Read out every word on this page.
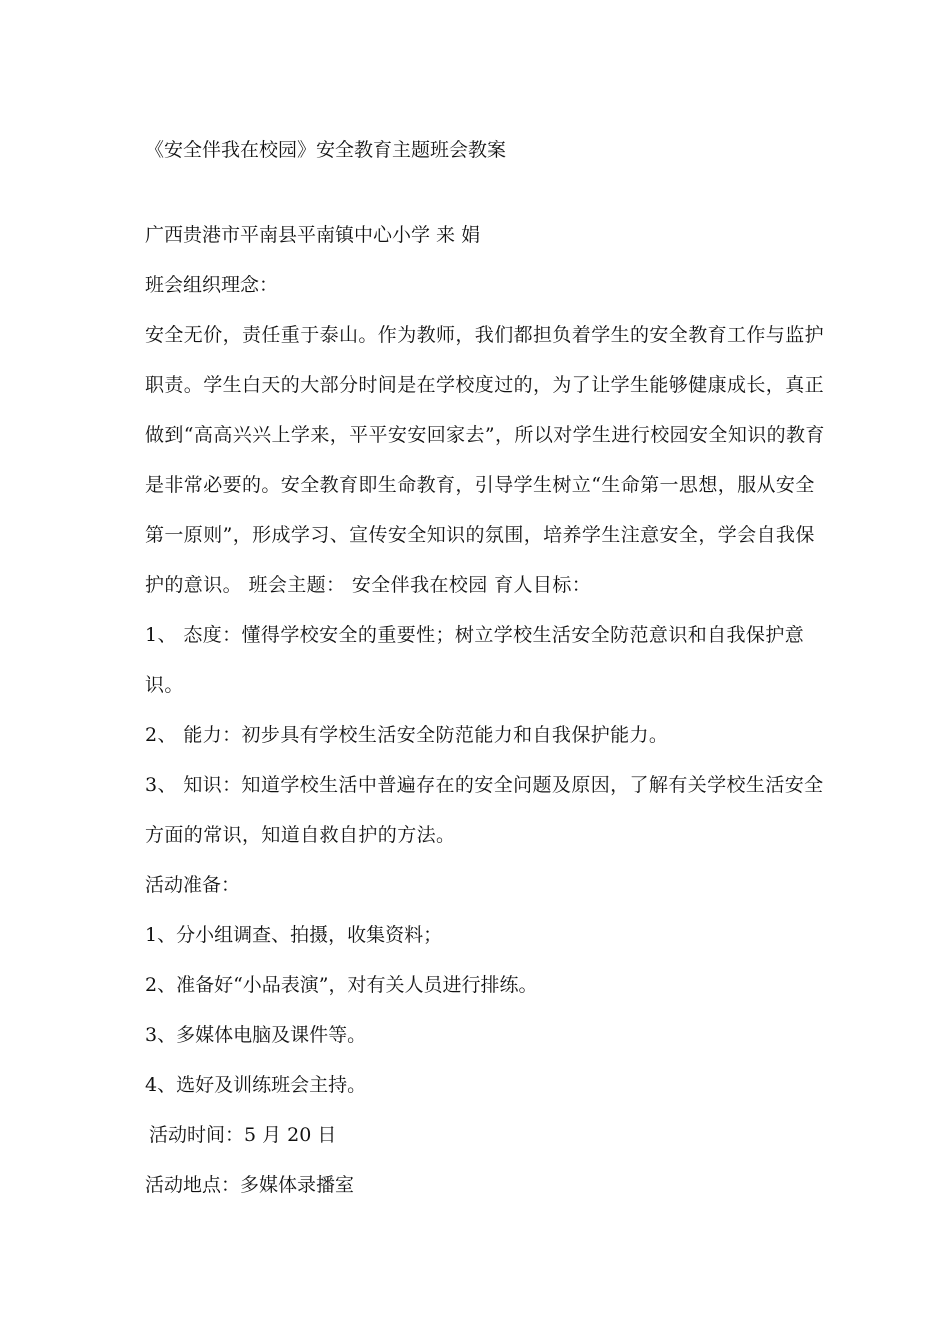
《安全伴我在校园》安全教育主题班会教案

广西贵港市平南县平南镇中心小学 来 娟

班会组织理念：

安全无价，责任重于泰山。作为教师，我们都担负着学生的安全教育工作与监护职责。学生白天的大部分时间是在学校度过的，为了让学生能够健康成长，真正做到“高高兴兴上学来，平平安安回家去”，所以对学生进行校园安全知识的教育是非常必要的。安全教育即生命教育，引导学生树立“生命第一思想，服从安全第一原则”，形成学习、宣传安全知识的氛围，培养学生注意安全，学会自我保护的意识。 班会主题： 安全伴我在校园 育人目标：

1、 态度：懂得学校安全的重要性；树立学校生活安全防范意识和自我保护意识。

2、 能力：初步具有学校生活安全防范能力和自我保护能力。

3、 知识：知道学校生活中普遍存在的安全问题及原因，了解有关学校生活安全方面的常识，知道自救自护的方法。

活动准备：

1、分小组调查、拍摄，收集资料；

2、准备好“小品表演”，对有关人员进行排练。

3、多媒体电脑及课件等。

4、选好及训练班会主持。

活动时间：5 月 20 日

活动地点：多媒体录播室
